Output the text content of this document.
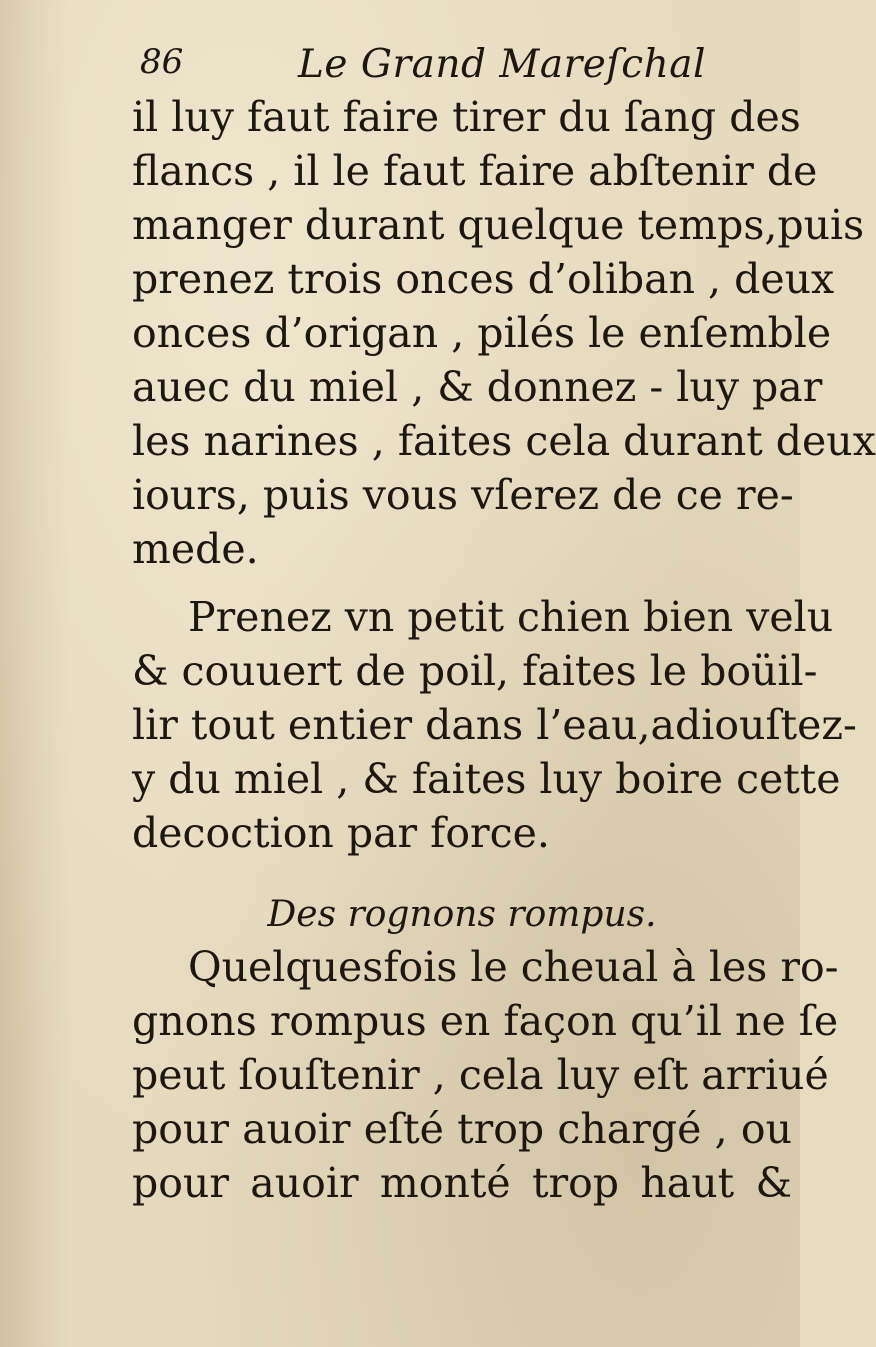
86	Le Grand Mareſchal
il luy faut faire tirer du ſang des
flancs , il le faut faire abſtenir de
manger durant quelque temps,puis
prenez trois onces d’oliban , deux
onces d’origan , pilés le enſemble
auec du miel , & donnez - luy par
les narines , faites cela durant deux
iours, puis vous vſerez de ce re-
mede.
Prenez vn petit chien bien velu
& couuert de poil, faites le boüil-
lir tout entier dans l’eau,adiouſtez-
y du miel , & faites luy boire cette
decoction par force.
Des rognons rompus.
Quelquesfois le cheual à les ro-
gnons rompus en façon qu’il ne ſe
peut ſouſtenir , cela luy eſt arriué
pour auoir eſté trop chargé , ou
pour auoir monté trop haut &
